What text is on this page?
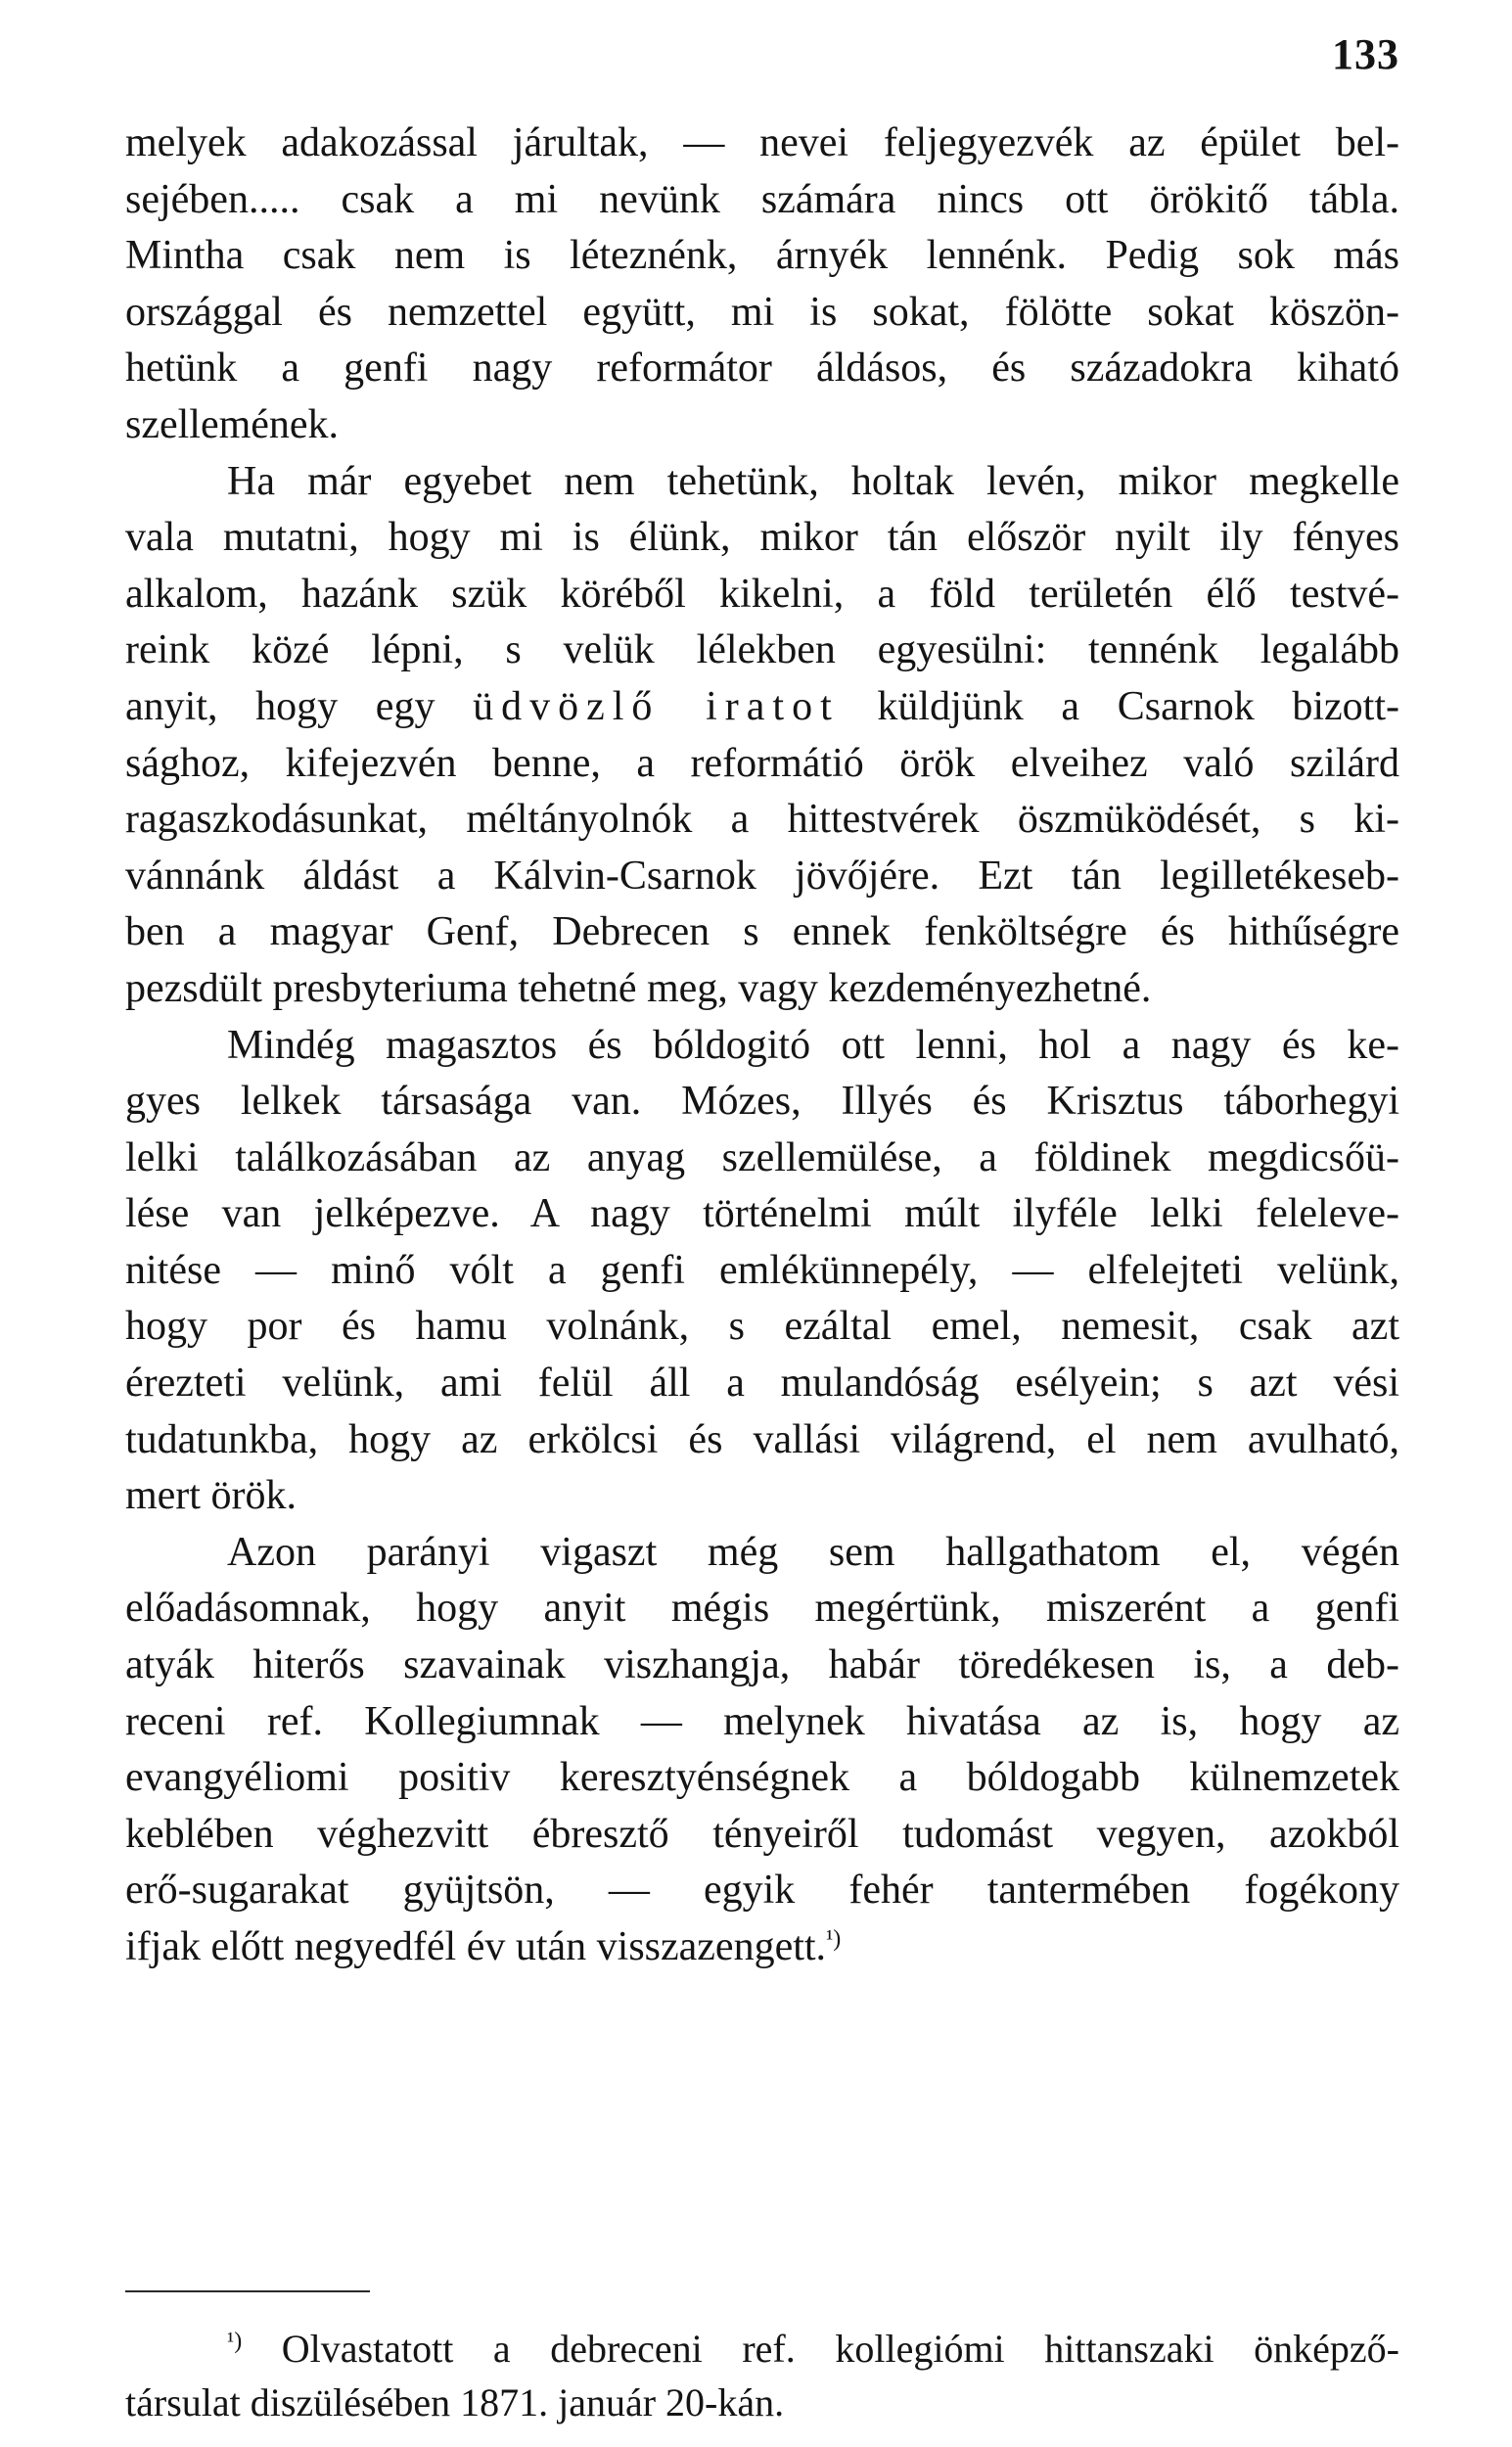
133
melyek adakozással járultak, — nevei feljegyezvék az épület bel-
sejében..... csak a mi nevünk számára nincs ott örökitő tábla.
Mintha csak nem is léteznénk, árnyék lennénk. Pedig sok más
országgal és nemzettel együtt, mi is sokat, fölötte sokat köszön-
hetünk a genfi nagy reformátor áldásos, és századokra kiható
szellemének.
Ha már egyebet nem tehetünk, holtak levén, mikor megkelle
vala mutatni, hogy mi is élünk, mikor tán először nyilt ily fényes
alkalom, hazánk szük köréből kikelni, a föld területén élő testvé-
reink közé lépni, s velük lélekben egyesülni: tennénk legalább
anyit, hogy egy üdvözlő iratot küldjünk a Csarnok bizott-
sághoz, kifejezvén benne, a reformátió örök elveihez való szilárd
ragaszkodásunkat, méltányolnók a hittestvérek öszmüködését, s ki-
vánnánk áldást a Kálvin-Csarnok jövőjére. Ezt tán legilletékeseb-
ben a magyar Genf, Debrecen s ennek fenköltségre és hithűségre
pezsdült presbyteriuma tehetné meg, vagy kezdeményezhetné.
Mindég magasztos és bóldogitó ott lenni, hol a nagy és ke-
gyes lelkek társasága van. Mózes, Illyés és Krisztus táborhegyi
lelki találkozásában az anyag szellemülése, a földinek megdicsőü-
lése van jelképezve. A nagy történelmi múlt ilyféle lelki feleleve-
nitése — minő vólt a genfi emlékünnepély, — elfelejteti velünk,
hogy por és hamu volnánk, s ezáltal emel, nemesit, csak azt
érezteti velünk, ami felül áll a mulandóság esélyein; s azt vési
tudatunkba, hogy az erkölcsi és vallási világrend, el nem avulható,
mert örök.
Azon parányi vigaszt még sem hallgathatom el, végén
előadásomnak, hogy anyit mégis megértünk, miszerént a genfi
atyák hiterős szavainak viszhangja, habár töredékesen is, a deb-
receni ref. Kollegiumnak — melynek hivatása az is, hogy az
evangyéliomi positiv keresztyénségnek a bóldogabb külnemzetek
keblében véghezvitt ébresztő tényeiről tudomást vegyen, azokból
erő-sugarakat gyüjtsön, — egyik fehér tantermében fogékony
ifjak előtt negyedfél év után visszazengett.$^{^1)}$
$^{^1)}$ Olvastatott a debreceni ref. kollegiómi hittanszaki önképző-
társulat diszülésében 1871. január 20-kán.
